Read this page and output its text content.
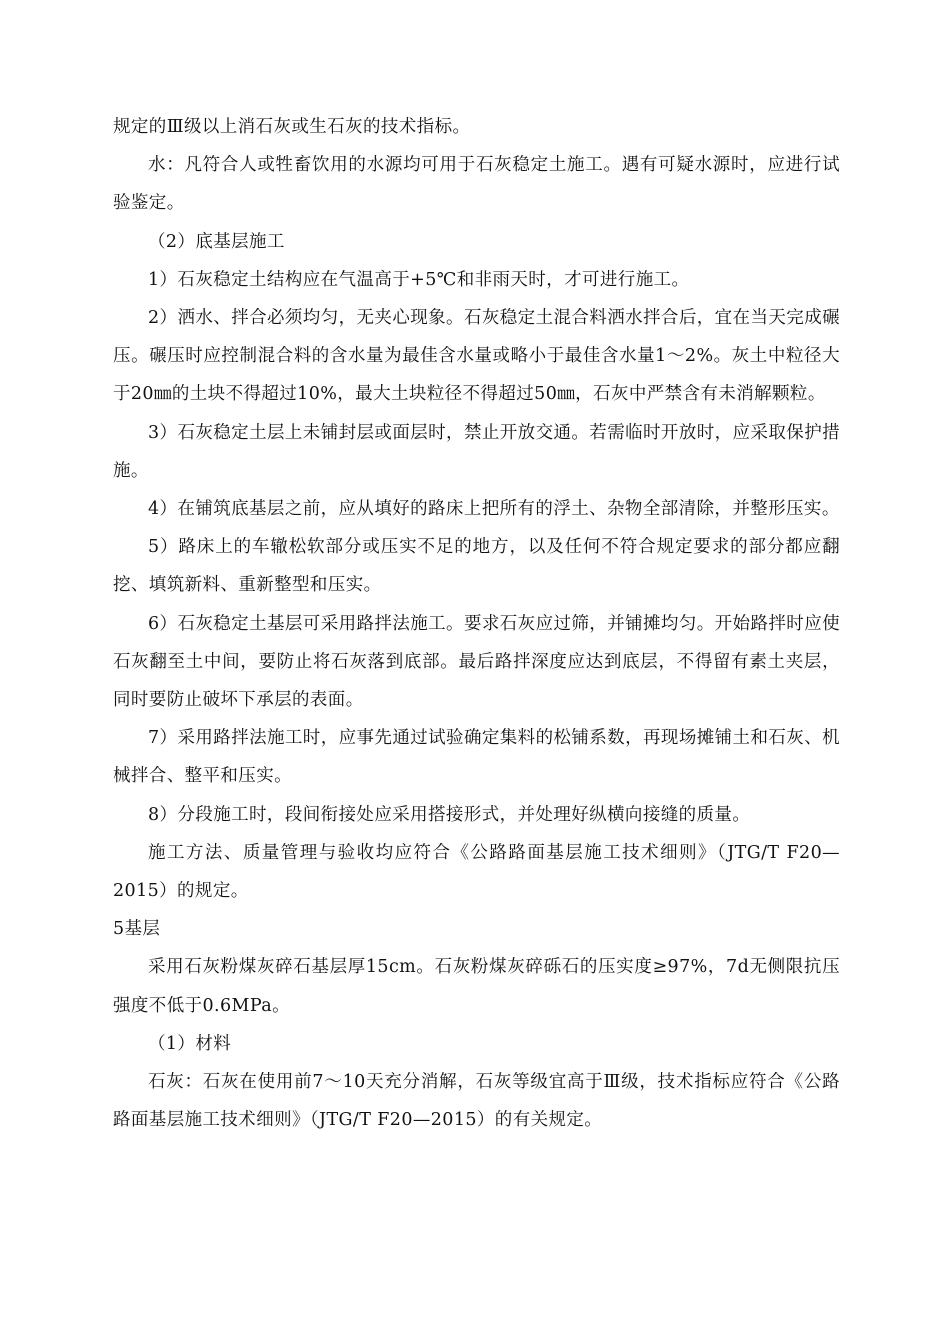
规定的Ⅲ级以上消石灰或生石灰的技术指标。

水：凡符合人或牲畜饮用的水源均可用于石灰稳定土施工。遇有可疑水源时，应进行试验鉴定。

（2）底基层施工

1）石灰稳定土结构应在气温高于+5℃和非雨天时，才可进行施工。

2）洒水、拌合必须均匀，无夹心现象。石灰稳定土混合料洒水拌合后，宜在当天完成碾压。碾压时应控制混合料的含水量为最佳含水量或略小于最佳含水量1～2%。灰土中粒径大于20㎜的土块不得超过10%，最大土块粒径不得超过50㎜，石灰中严禁含有未消解颗粒。

3）石灰稳定土层上未铺封层或面层时，禁止开放交通。若需临时开放时，应采取保护措施。

4）在铺筑底基层之前，应从填好的路床上把所有的浮土、杂物全部清除，并整形压实。

5）路床上的车辙松软部分或压实不足的地方，以及任何不符合规定要求的部分都应翻挖、填筑新料、重新整型和压实。

6）石灰稳定土基层可采用路拌法施工。要求石灰应过筛，并铺摊均匀。开始路拌时应使石灰翻至土中间，要防止将石灰落到底部。最后路拌深度应达到底层，不得留有素土夹层，同时要防止破坏下承层的表面。

7）采用路拌法施工时，应事先通过试验确定集料的松铺系数，再现场摊铺土和石灰、机械拌合、整平和压实。

8）分段施工时，段间衔接处应采用搭接形式，并处理好纵横向接缝的质量。

施工方法、质量管理与验收均应符合《公路路面基层施工技术细则》（JTG/T F20—2015）的规定。

5基层

采用石灰粉煤灰碎石基层厚15cm。石灰粉煤灰碎砾石的压实度≥97%，7d无侧限抗压强度不低于0.6MPa。

（1）材料

石灰：石灰在使用前7～10天充分消解，石灰等级宜高于Ⅲ级，技术指标应符合《公路路面基层施工技术细则》（JTG/T F20—2015）的有关规定。
